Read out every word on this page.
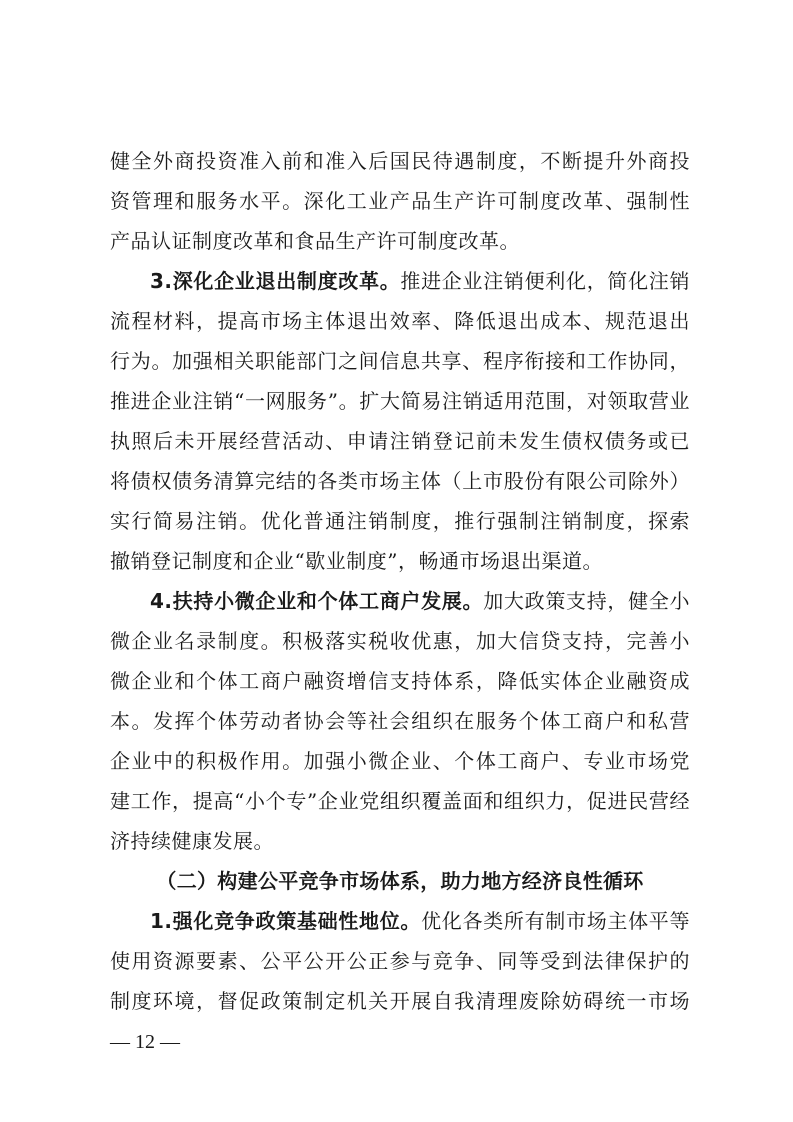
健全外商投资准入前和准入后国民待遇制度，不断提升外商投
资管理和服务水平。深化工业产品生产许可制度改革、强制性
产品认证制度改革和食品生产许可制度改革。
3.深化企业退出制度改革。推进企业注销便利化，简化注销
流程材料，提高市场主体退出效率、降低退出成本、规范退出
行为。加强相关职能部门之间信息共享、程序衔接和工作协同，
推进企业注销“一网服务”。扩大简易注销适用范围，对领取营业
执照后未开展经营活动、申请注销登记前未发生债权债务或已
将债权债务清算完结的各类市场主体（上市股份有限公司除外）
实行简易注销。优化普通注销制度，推行强制注销制度，探索
撤销登记制度和企业“歇业制度”，畅通市场退出渠道。
4.扶持小微企业和个体工商户发展。加大政策支持，健全小
微企业名录制度。积极落实税收优惠，加大信贷支持，完善小
微企业和个体工商户融资增信支持体系，降低实体企业融资成
本。发挥个体劳动者协会等社会组织在服务个体工商户和私营
企业中的积极作用。加强小微企业、个体工商户、专业市场党
建工作，提高“小个专”企业党组织覆盖面和组织力，促进民营经
济持续健康发展。
（二）构建公平竞争市场体系，助力地方经济良性循环
1.强化竞争政策基础性地位。优化各类所有制市场主体平等
使用资源要素、公平公开公正参与竞争、同等受到法律保护的
制度环境，督促政策制定机关开展自我清理废除妨碍统一市场
— 12 —
